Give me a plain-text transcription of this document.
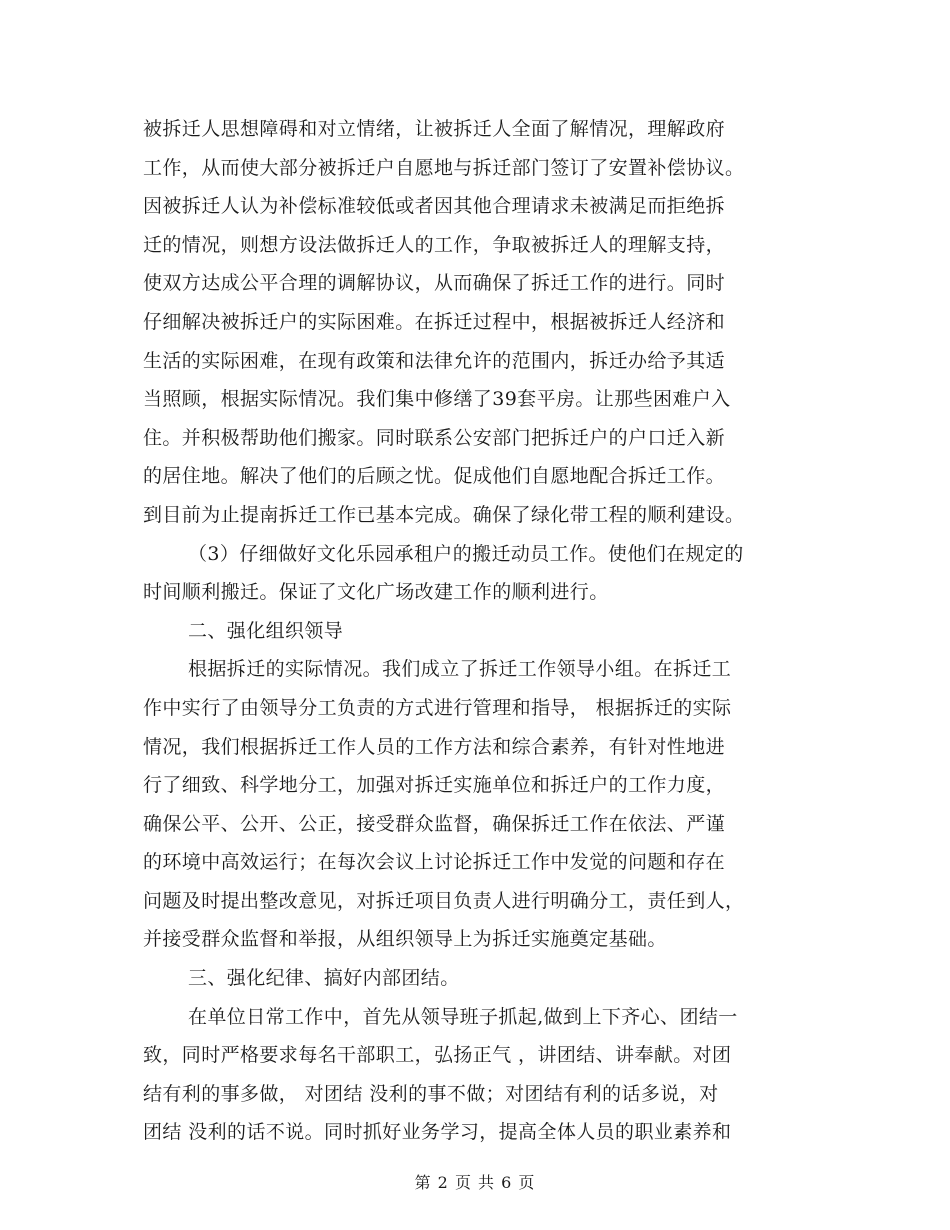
被拆迁人思想障碍和对立情绪，让被拆迁人全面了解情况，理解政府
工作，从而使大部分被拆迁户自愿地与拆迁部门签订了安置补偿协议。
因被拆迁人认为补偿标准较低或者因其他合理请求未被满足而拒绝拆
迁的情况，则想方设法做拆迁人的工作，争取被拆迁人的理解支持，
使双方达成公平合理的调解协议，从而确保了拆迁工作的进行。同时
仔细解决被拆迁户的实际困难。在拆迁过程中，根据被拆迁人经济和
生活的实际困难，在现有政策和法律允许的范围内，拆迁办给予其适
当照顾，根据实际情况。我们集中修缮了39套平房。让那些困难户入
住。并积极帮助他们搬家。同时联系公安部门把拆迁户的户口迁入新
的居住地。解决了他们的后顾之忧。促成他们自愿地配合拆迁工作。
到目前为止提南拆迁工作已基本完成。确保了绿化带工程的顺利建设。
（3）仔细做好文化乐园承租户的搬迁动员工作。使他们在规定的
时间顺利搬迁。保证了文化广场改建工作的顺利进行。
二、强化组织领导
根据拆迁的实际情况。我们成立了拆迁工作领导小组。在拆迁工
作中实行了由领导分工负责的方式进行管理和指导， 根据拆迁的实际
情况，我们根据拆迁工作人员的工作方法和综合素养，有针对性地进
行了细致、科学地分工，加强对拆迁实施单位和拆迁户的工作力度，
确保公平、公开、公正，接受群众监督，确保拆迁工作在依法、严谨
的环境中高效运行；在每次会议上讨论拆迁工作中发觉的问题和存在
问题及时提出整改意见，对拆迁项目负责人进行明确分工，责任到人，
并接受群众监督和举报，从组织领导上为拆迁实施奠定基础。
三、强化纪律、搞好内部团结。
在单位日常工作中，首先从领导班子抓起,做到上下齐心、团结一
致，同时严格要求每名干部职工，弘扬正气 ，讲团结、讲奉献。对团
结有利的事多做， 对团结 没利的事不做；对团结有利的话多说，对
团结 没利的话不说。同时抓好业务学习，提高全体人员的职业素养和
第 2 页 共 6 页
